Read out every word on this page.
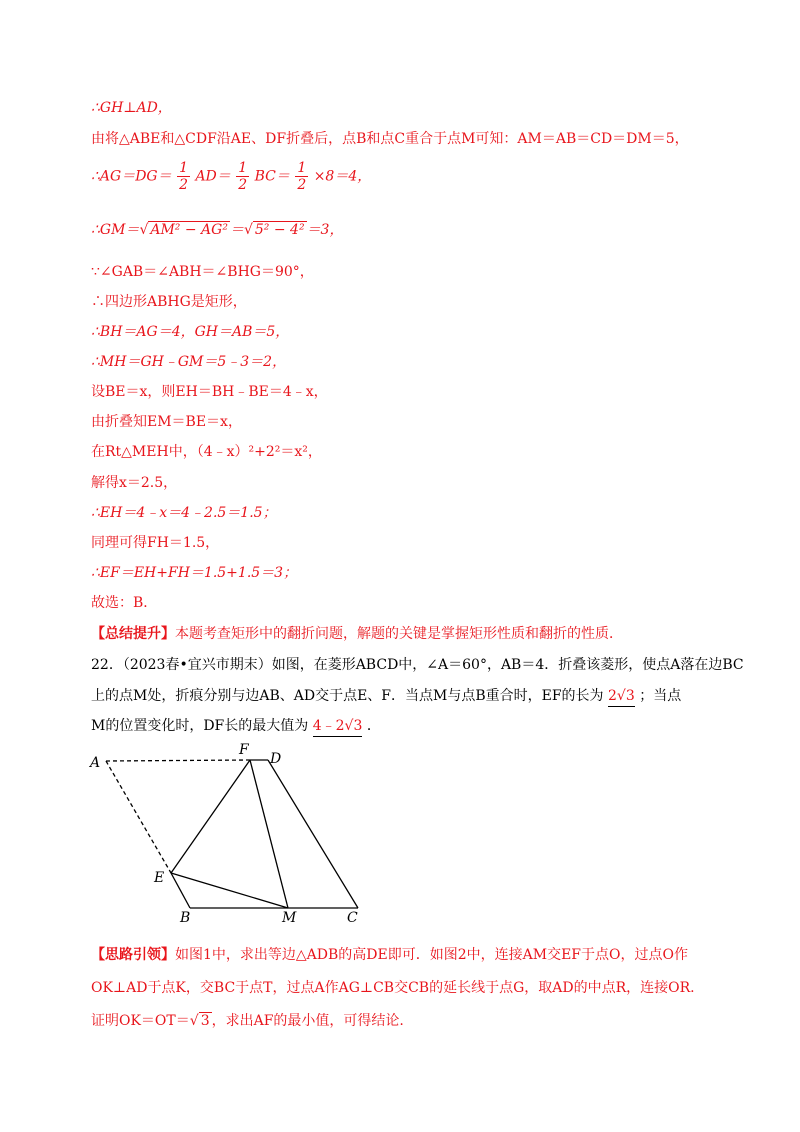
∴GH⊥AD，
由将△ABE和△CDF沿AE、DF折叠后，点B和点C重合于点M可知：AM＝AB＝CD＝DM＝5，
∴AG＝DG＝ $\frac{1}{2} AD= \frac{1}{2} BC= \frac{1}{2} \times 8=4$，
∴GM＝√ AM² − AG² ＝√ 5² − 4² ＝3，
∵∠GAB＝∠ABH＝∠BHG＝90°，
∴四边形ABHG是矩形，
∴BH＝AG＝4，GH＝AB＝5，
∴MH＝GH﹣GM＝5﹣3＝2，
设BE＝x，则EH＝BH﹣BE＝4﹣x，
由折叠知EM＝BE＝x，
在Rt△MEH中，（4﹣x）²+2²＝x²，
解得x＝2.5，
∴EH＝4﹣x＝4﹣2.5＝1.5；
同理可得FH＝1.5，
∴EF＝EH+FH＝1.5+1.5＝3；
故选：B．
【总结提升】本题考查矩形中的翻折问题，解题的关键是掌握矩形性质和翻折的性质．
22．（2023春•宜兴市期末）如图，在菱形ABCD中，∠A＝60°，AB＝4．折叠该菱形，使点A落在边BC
上的点M处，折痕分别与边AB、AD交于点E、F．当点M与点B重合时，EF的长为 2√3 ；当点
M的位置变化时，DF长的最大值为 4﹣2√3 ．
A
F
D
E
B	M	C
【思路引领】如图1中，求出等边△ADB的高DE即可．如图2中，连接AM交EF于点O，过点O作
OK⊥AD于点K，交BC于点T，过点A作AG⊥CB交CB的延长线于点G，取AD的中点R，连接OR.
证明OK＝OT＝√ 3 ，求出AF的最小值，可得结论.
